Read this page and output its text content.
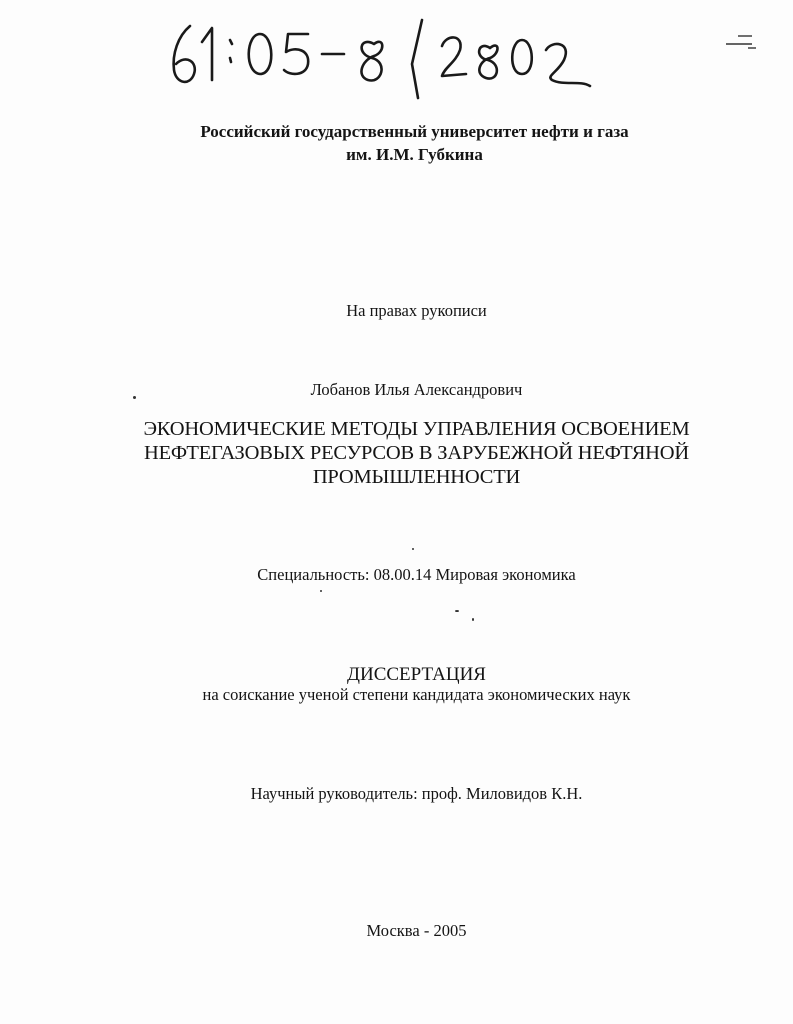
Российский государственный университет нефти и газа
им. И.М. Губкина
На правах рукописи
Лобанов Илья Александрович
ЭКОНОМИЧЕСКИЕ МЕТОДЫ УПРАВЛЕНИЯ ОСВОЕНИЕМ
НЕФТЕГАЗОВЫХ РЕСУРСОВ В ЗАРУБЕЖНОЙ НЕФТЯНОЙ
ПРОМЫШЛЕННОСТИ
Специальность: 08.00.14 Мировая экономика
ДИССЕРТАЦИЯ
на соискание ученой степени кандидата экономических наук
Научный руководитель: проф. Миловидов К.Н.
Москва - 2005
